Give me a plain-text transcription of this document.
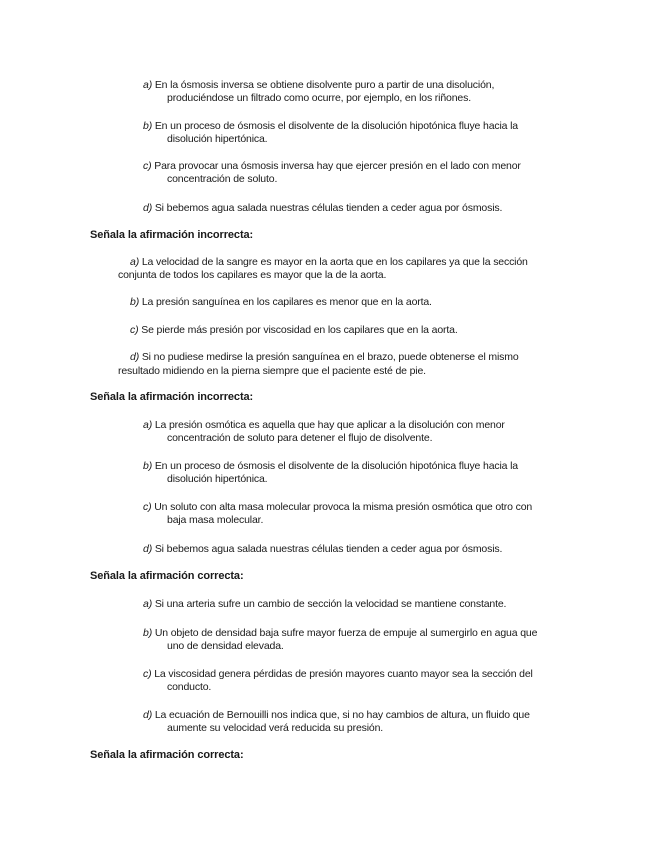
a) En la ósmosis inversa se obtiene disolvente puro a partir de una disolución,
produciéndose un filtrado como ocurre, por ejemplo, en los riñones.
b) En un proceso de ósmosis el disolvente de la disolución hipotónica fluye hacia la
disolución hipertónica.
c) Para provocar una ósmosis inversa hay que ejercer presión en el lado con menor
concentración de soluto.
d) Si bebemos agua salada nuestras células tienden a ceder agua por ósmosis.
Señala la afirmación incorrecta:
a) La velocidad de la sangre es mayor en la aorta que en los capilares ya que la sección
conjunta de todos los capilares es mayor que la de la aorta.
b) La presión sanguínea en los capilares es menor que en la aorta.
c) Se pierde más presión por viscosidad en los capilares que en la aorta.
d) Si no pudiese medirse la presión sanguínea en el brazo, puede obtenerse el mismo
resultado midiendo en la pierna siempre que el paciente esté de pie.
Señala la afirmación incorrecta:
a) La presión osmótica es aquella que hay que aplicar a la disolución con menor
concentración de soluto para detener el flujo de disolvente.
b) En un proceso de ósmosis el disolvente de la disolución hipotónica fluye hacia la
disolución hipertónica.
c) Un soluto con alta masa molecular provoca la misma presión osmótica que otro con
baja masa molecular.
d) Si bebemos agua salada nuestras células tienden a ceder agua por ósmosis.
Señala la afirmación correcta:
a) Si una arteria sufre un cambio de sección la velocidad se mantiene constante.
b) Un objeto de densidad baja sufre mayor fuerza de empuje al sumergirlo en agua que
uno de densidad elevada.
c) La viscosidad genera pérdidas de presión mayores cuanto mayor sea la sección del
conducto.
d) La ecuación de Bernouilli nos indica que, si no hay cambios de altura, un fluido que
aumente su velocidad verá reducida su presión.
Señala la afirmación correcta:
